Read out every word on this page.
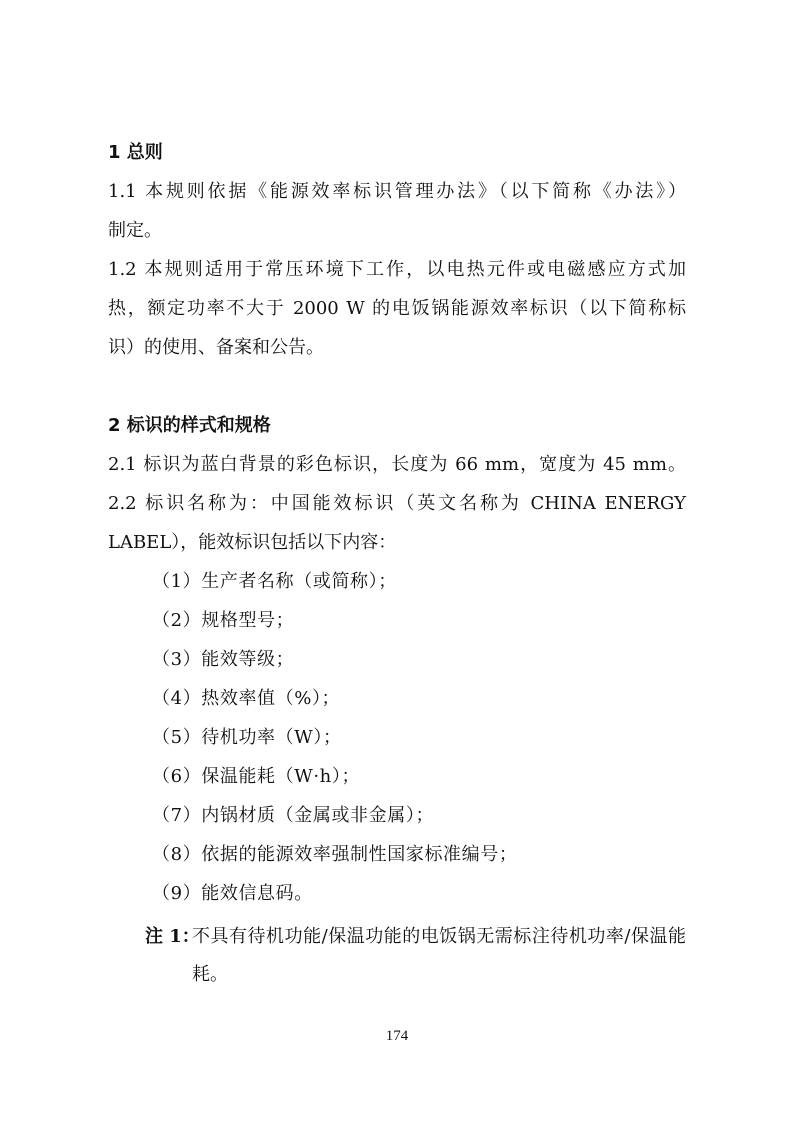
1 总则
1.1 本规则依据《能源效率标识管理办法》（以下简称《办法》）
制定。
1.2 本规则适用于常压环境下工作，以电热元件或电磁感应方式加
热，额定功率不大于 2000 W 的电饭锅能源效率标识（以下简称标
识）的使用、备案和公告。
2 标识的样式和规格
2.1 标识为蓝白背景的彩色标识，长度为 66 mm，宽度为 45 mm。
2.2 标识名称为：中国能效标识（英文名称为 CHINA ENERGY
LABEL），能效标识包括以下内容：
（1）生产者名称（或简称）；
（2）规格型号；
（3）能效等级；
（4）热效率值（%）；
（5）待机功率（W）；
（6）保温能耗（W·h）；
（7）内锅材质（金属或非金属）；
（8）依据的能源效率强制性国家标准编号；
（9）能效信息码。
注 1：
不具有待机功能/保温功能的电饭锅无需标注待机功率/保温能
耗。
174
